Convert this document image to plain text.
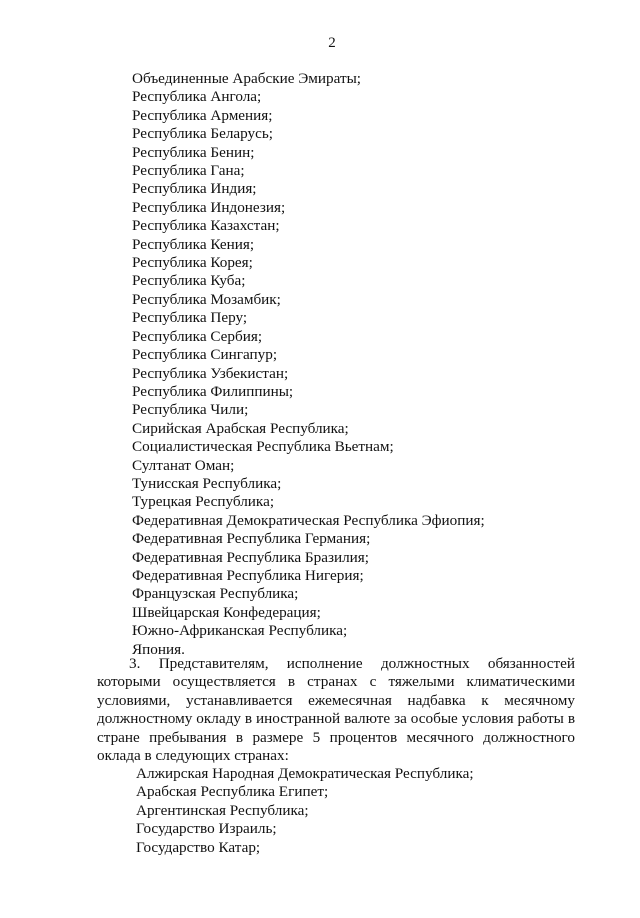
2
Объединенные Арабские Эмираты;
Республика Ангола;
Республика Армения;
Республика Беларусь;
Республика Бенин;
Республика Гана;
Республика Индия;
Республика Индонезия;
Республика Казахстан;
Республика Кения;
Республика Корея;
Республика Куба;
Республика Мозамбик;
Республика Перу;
Республика Сербия;
Республика Сингапур;
Республика Узбекистан;
Республика Филиппины;
Республика Чили;
Сирийская Арабская Республика;
Социалистическая Республика Вьетнам;
Султанат Оман;
Тунисская Республика;
Турецкая Республика;
Федеративная Демократическая Республика Эфиопия;
Федеративная Республика Германия;
Федеративная Республика Бразилия;
Федеративная Республика Нигерия;
Французская Республика;
Швейцарская Конфедерация;
Южно-Африканская Республика;
Япония.

3. Представителям, исполнение должностных обязанностей которыми осуществляется в странах с тяжелыми климатическими условиями, устанавливается ежемесячная надбавка к месячному должностному окладу в иностранной валюте за особые условия работы в стране пребывания в размере 5 процентов месячного должностного оклада в следующих странах:

Алжирская Народная Демократическая Республика;
Арабская Республика Египет;
Аргентинская Республика;
Государство Израиль;
Государство Катар;
